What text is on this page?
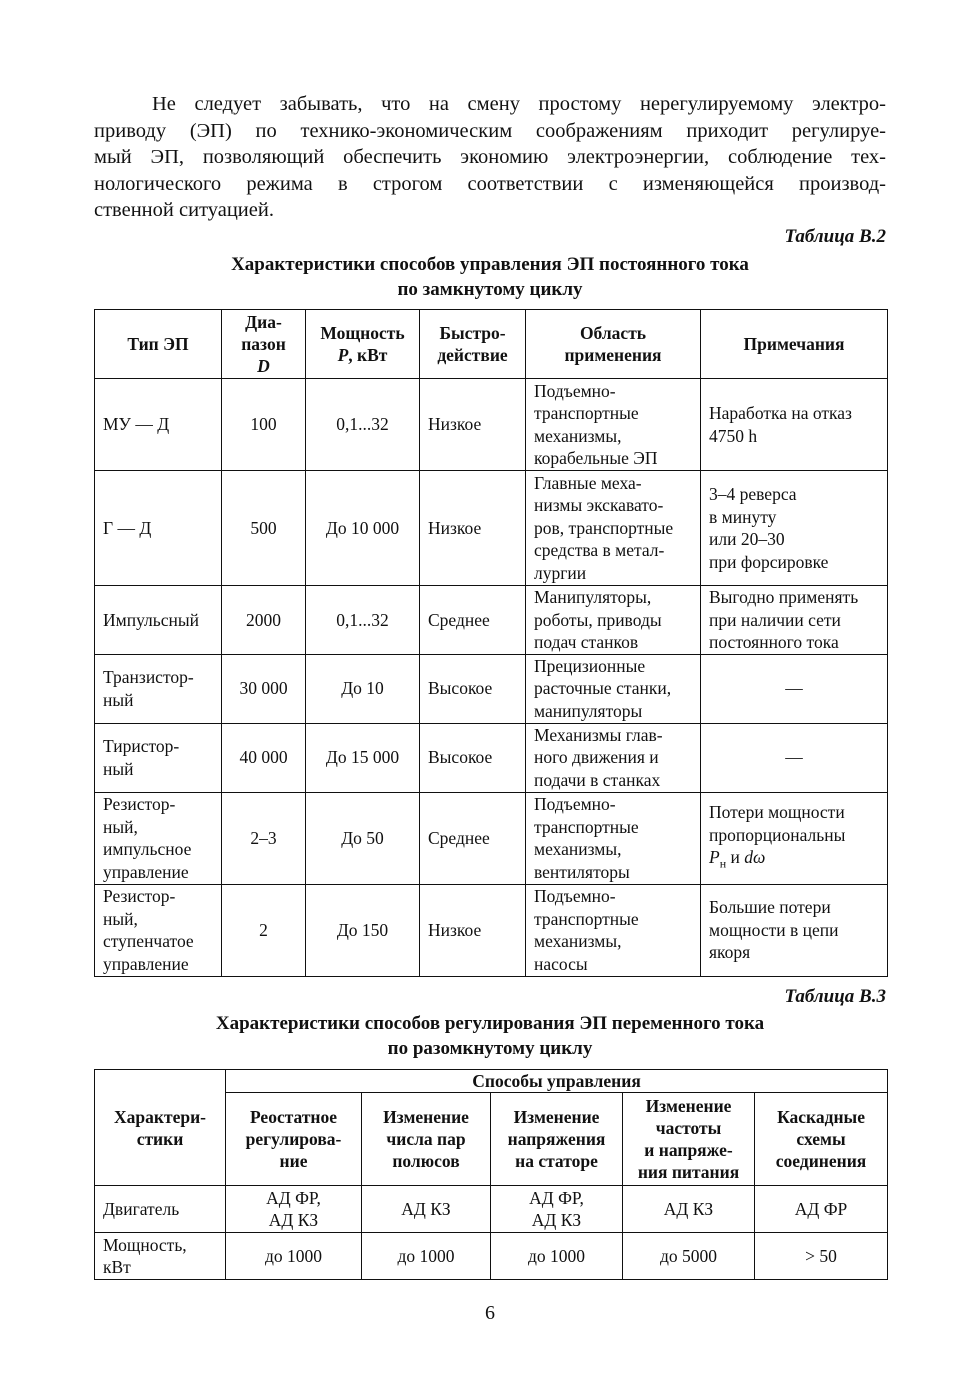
Не следует забывать, что на смену простому нерегулируемому электро-
приводу (ЭП) по технико-экономическим соображениям приходит регулируе-
мый ЭП, позволяющий обеспечить экономию электроэнергии, соблюдение тех-
нологического режима в строгом соответствии с изменяющейся производ-
ственной ситуацией.

Таблица В.2

Характеристики способов управления ЭП постоянного тока
по замкнутому циклу

Тип ЭП	Диа-
пазон
D	Мощность
P, кВт	Быстро-
действие	Область
применения	Примечания

МУ — Д	100	0,1...32	Низкое	Подъемно-
транспортные
механизмы,
корабельные ЭП	Наработка на отказ
4750 h

Г — Д	500	До 10 000	Низкое	Главные меха-
низмы экскавато-
ров, транспортные
средства в метал-
лургии	3–4 реверса
в минуту
или 20–30
при форсировке

Импульсный	2000	0,1...32	Среднее	Манипуляторы,
роботы, приводы
подач станков	Выгодно применять
при наличии сети
постоянного тока

Транзистор-
ный	30 000	До 10	Высокое	Прецизионные
расточные станки,
манипуляторы	—

Тиристор-
ный	40 000	До 15 000	Высокое	Механизмы глав-
ного движения и
подачи в станках	—

Резистор-
ный,
импульсное
управление	2–3	До 50	Среднее	Подъемно-
транспортные
механизмы,
вентиляторы	Потери мощности
пропорциональны
$P_н$ и dω

Резистор-
ный,
ступенчатое
управление	2	До 150	Низкое	Подъемно-
транспортные
механизмы,
насосы	Большие потери
мощности в цепи
якоря

Таблица В.3

Характеристики способов регулирования ЭП переменного тока
по разомкнутому циклу

Характери-
стики	Способы управления				

	Реостатное
регулирова-
ние	Изменение
числа пар
полюсов	Изменение
напряжения
на статоре	Изменение
частоты
и напряже-
ния питания	Каскадные
схемы
соединения

Двигатель	АД ФР,
АД КЗ	АД КЗ	АД ФР,
АД КЗ	АД КЗ	АД ФР

Мощность,
кВт	до 1000	до 1000	до 1000	до 5000	> 50

6
